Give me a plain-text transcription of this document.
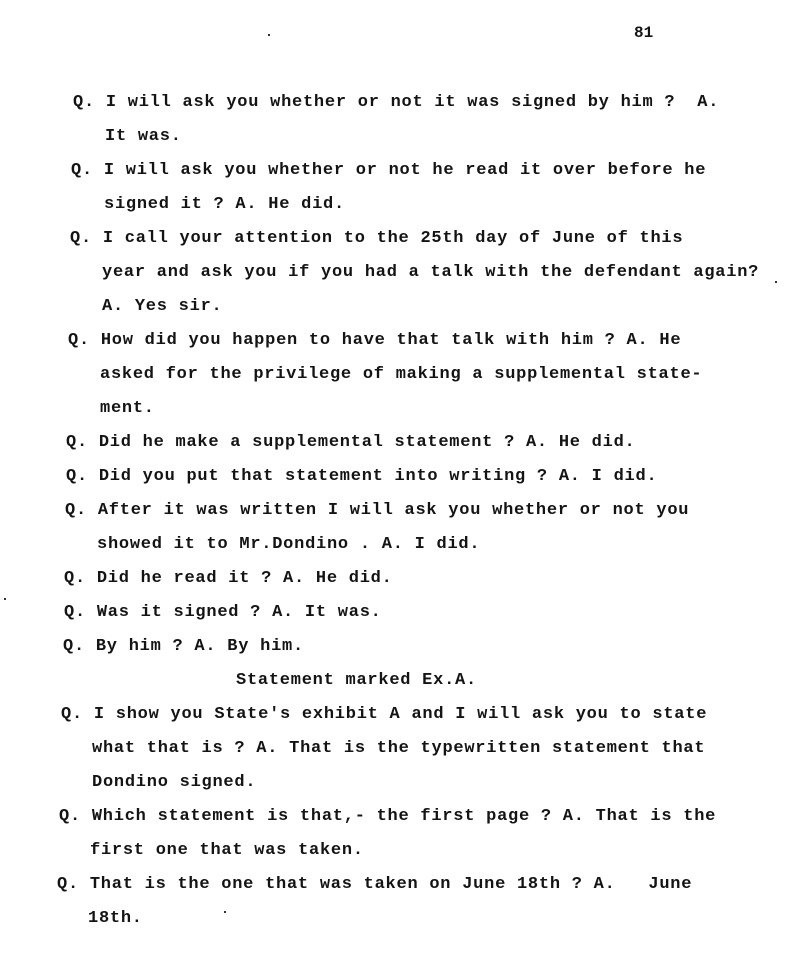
81
Q. I will ask you whether or not it was signed by him ?  A.
It was.
Q. I will ask you whether or not he read it over before he
signed it ? A. He did.
Q. I call your attention to the 25th day of June of this
year and ask you if you had a talk with the defendant again?
A. Yes sir.
Q. How did you happen to have that talk with him ? A. He
asked for the privilege of making a supplemental state-
ment.
Q. Did he make a supplemental statement ? A. He did.
Q. Did you put that statement into writing ? A. I did.
Q. After it was written I will ask you whether or not you
showed it to Mr.Dondino . A. I did.
Q. Did he read it ? A. He did.
Q. Was it signed ? A. It was.
Q. By him ? A. By him.
Statement marked Ex.A.
Q. I show you State's exhibit A and I will ask you to state
what that is ? A. That is the typewritten statement that
Dondino signed.
Q. Which statement is that,- the first page ? A. That is the
first one that was taken.
Q. That is the one that was taken on June 18th ? A.   June
18th.
